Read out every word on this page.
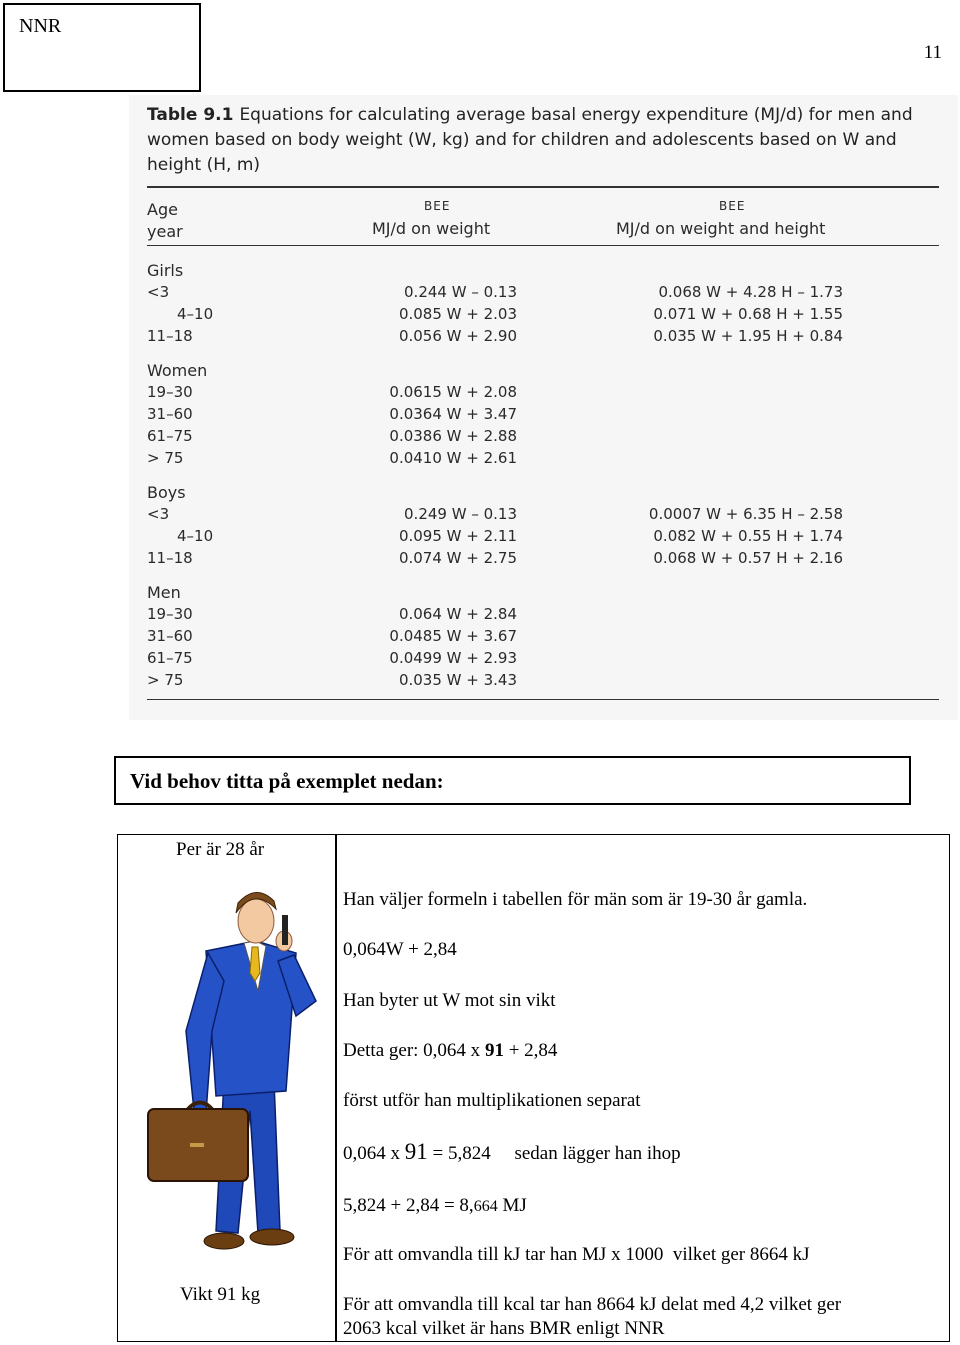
NNR
11
Table 9.1 Equations for calculating average basal energy expenditure (MJ/d) for men and women based on body weight (W, kg) and for children and adolescents based on W and height (H, m)
Age
year
BEE
MJ/d on weight
BEE
MJ/d on weight and height
Girls
<3	0.244 W – 0.13	0.068 W + 4.28 H – 1.73
4–10	0.085 W + 2.03	0.071 W + 0.68 H + 1.55
11–18	0.056 W + 2.90	0.035 W + 1.95 H + 0.84
Women
19–30	0.0615 W + 2.08
31–60	0.0364 W + 3.47
61–75	0.0386 W + 2.88
> 75	0.0410 W + 2.61
Boys
<3	0.249 W – 0.13	0.0007 W + 6.35 H – 2.58
4–10	0.095 W + 2.11	0.082 W + 0.55 H + 1.74
11–18	0.074 W + 2.75	0.068 W + 0.57 H + 2.16
Men
19–30	0.064 W + 2.84
31–60	0.0485 W + 3.67
61–75	0.0499 W + 2.93
> 75	0.035 W + 3.43
Vid behov titta på exemplet nedan:
Per är 28 år
Vikt 91 kg
Han väljer formeln i tabellen för män som är 19-30 år gamla.
0,064W + 2,84
Han byter ut W mot sin vikt
Detta ger: 0,064 x 91 + 2,84
först utför han multiplikationen separat
0,064 x 91 = 5,824     sedan lägger han ihop
5,824 + 2,84 = 8,664 MJ
För att omvandla till kJ tar han MJ x 1000  vilket ger 8664 kJ
För att omvandla till kcal tar han 8664 kJ delat med 4,2 vilket ger
2063 kcal vilket är hans BMR enligt NNR
